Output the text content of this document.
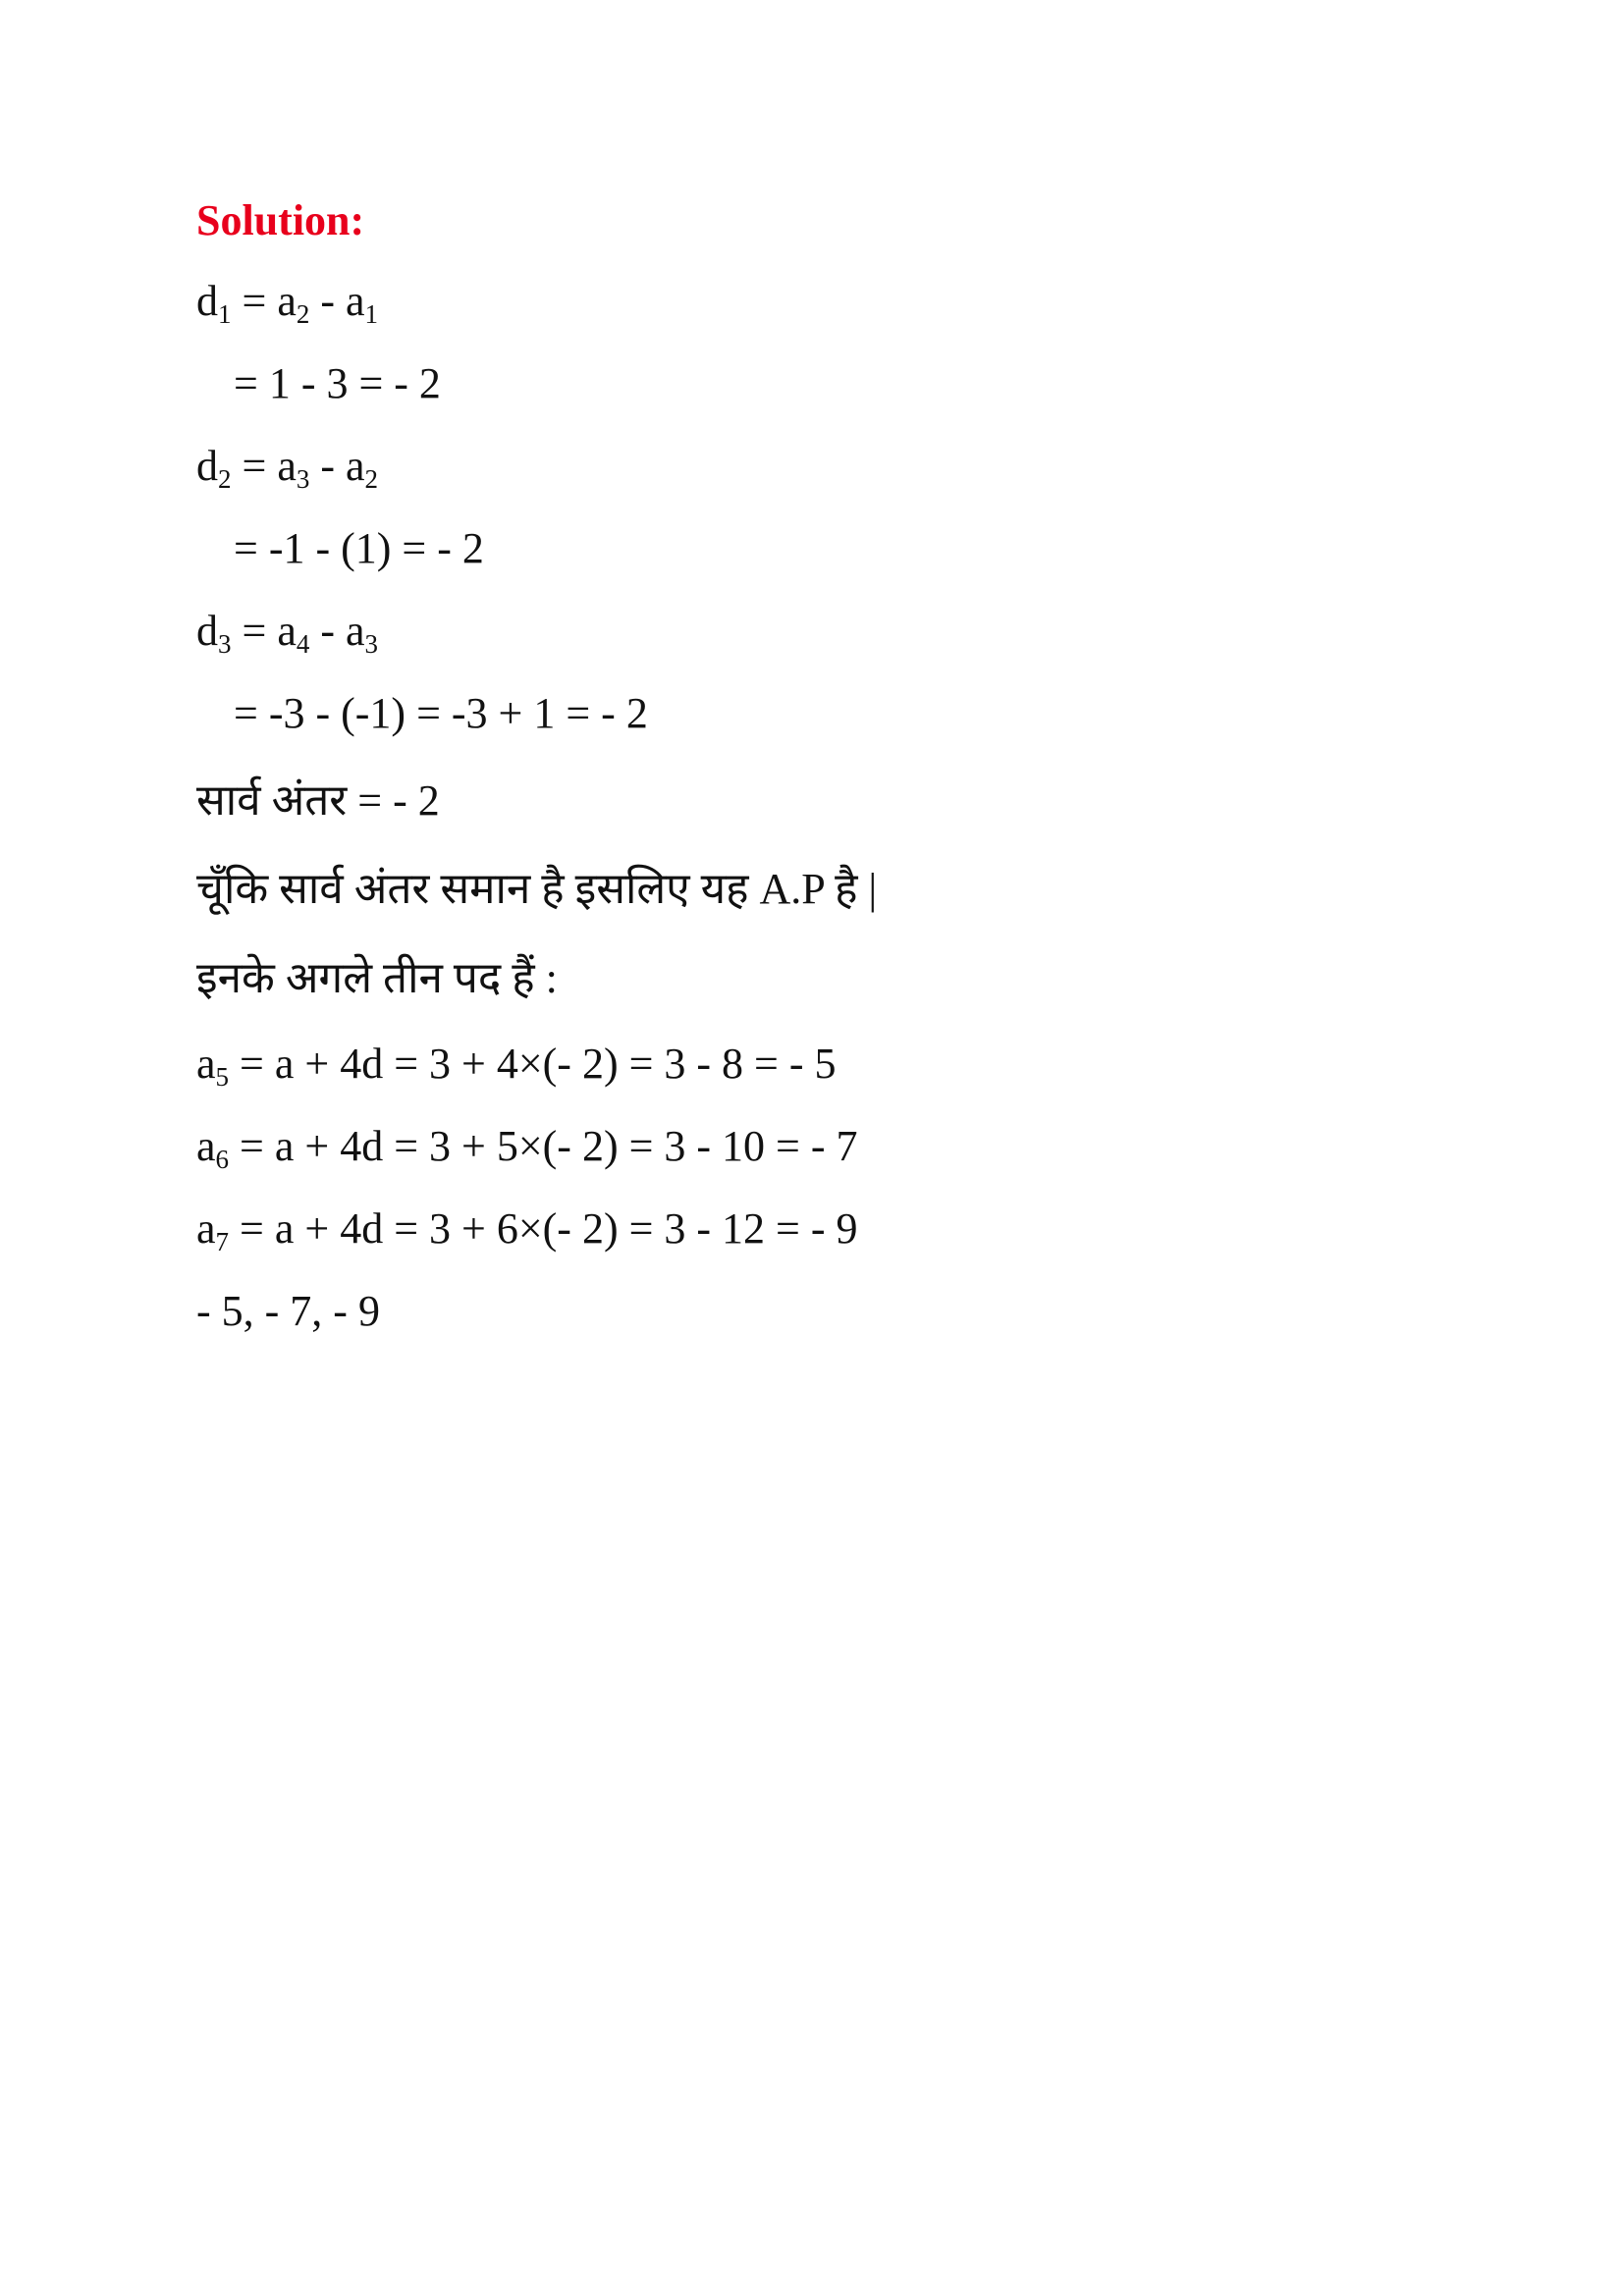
Solution:
d1 = a2 - a1
= 1 - 3 = - 2
d2 = a3 - a2
= -1 - (1) = - 2
d3 = a4 - a3
= -3 - (-1) = -3 + 1 = - 2
सार्व अंतर = - 2
चूँकि सार्व अंतर समान है इसलिए यह A.P है |
इनके अगले तीन पद हैं :
a5 = a + 4d = 3 + 4×(- 2) = 3 - 8 = - 5
a6 = a + 4d = 3 + 5×(- 2) = 3 - 10 = - 7
a7 = a + 4d = 3 + 6×(- 2) = 3 - 12 = - 9
- 5, - 7, - 9
